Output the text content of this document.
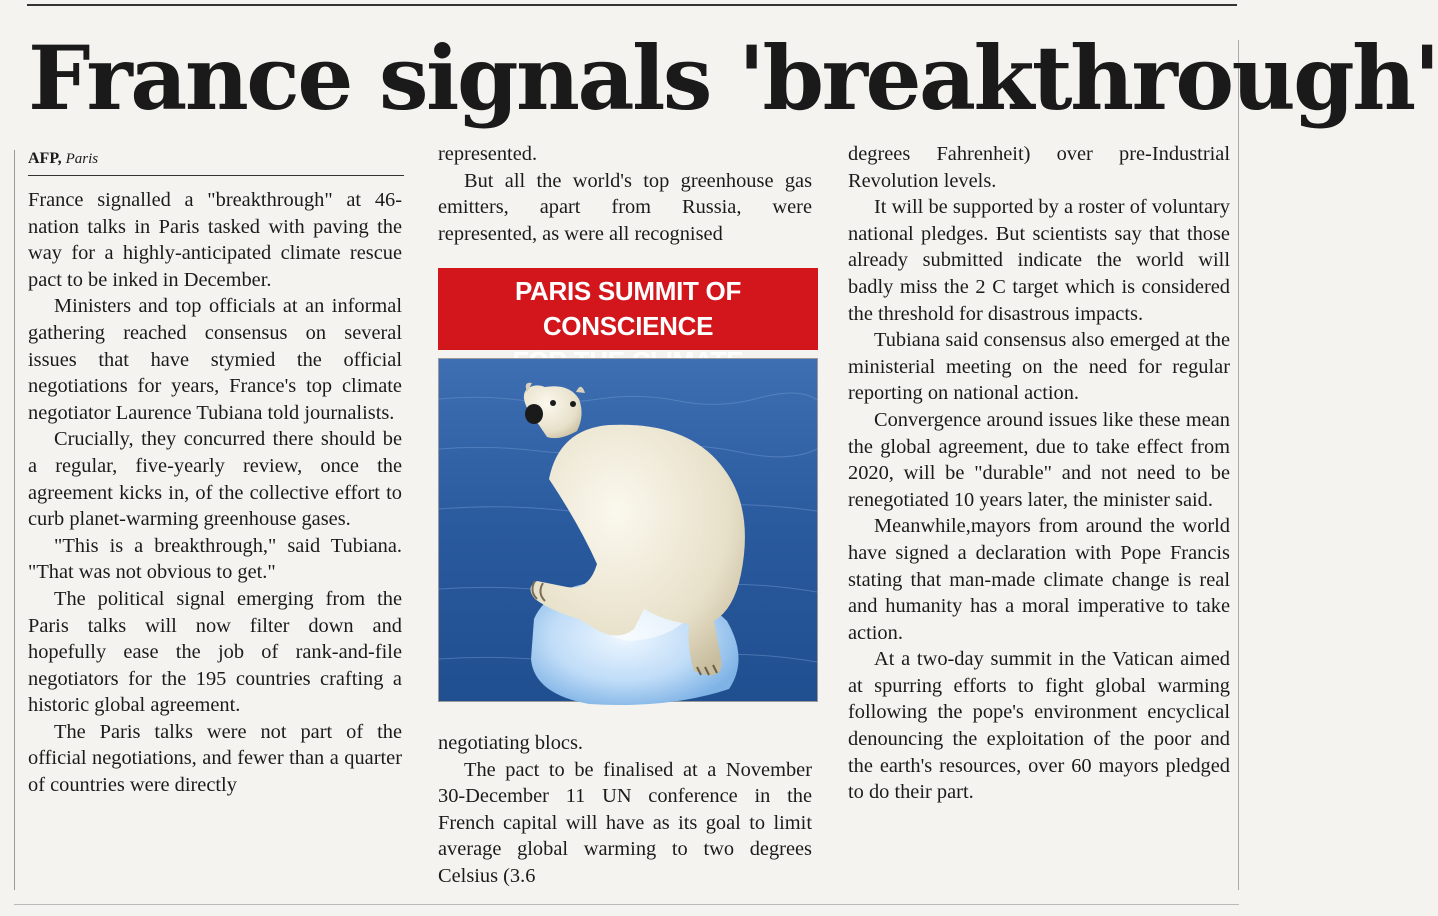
France signals 'breakthrough'
AFP, Paris

France signalled a "breakthrough" at 46-nation talks in Paris tasked with paving the way for a highly-anticipated climate rescue pact to be inked in December.

Ministers and top officials at an informal gathering reached consensus on several issues that have stymied the official negotiations for years, France's top climate negotiator Laurence Tubiana told journalists.

Crucially, they concurred there should be a regular, five-yearly review, once the agreement kicks in, of the collective effort to curb planet-warming greenhouse gases.

"This is a breakthrough," said Tubiana. "That was not obvious to get."

The political signal emerging from the Paris talks will now filter down and hopefully ease the job of rank-and-file negotiators for the 195 countries crafting a historic global agreement.

The Paris talks were not part of the official negotiations, and fewer than a quarter of countries were directly

represented.

But all the world's top greenhouse gas emitters, apart from Russia, were represented, as were all recognised

PARIS SUMMIT OF CONSCIENCE

negotiating blocs.

The pact to be finalised at a November 30-December 11 UN conference in the French capital will have as its goal to limit average global warming to two degrees Celsius (3.6

degrees Fahrenheit) over pre-Industrial Revolution levels.

It will be supported by a roster of voluntary national pledges. But scientists say that those already submitted indicate the world will badly miss the 2 C target which is considered the threshold for disastrous impacts.

Tubiana said consensus also emerged at the ministerial meeting on the need for regular reporting on national action.

Convergence around issues like these mean the global agreement, due to take effect from 2020, will be "durable" and not need to be renegotiated 10 years later, the minister said.

Meanwhile,mayors from around the world have signed a declaration with Pope Francis stating that man-made climate change is real and humanity has a moral imperative to take action.

At a two-day summit in the Vatican aimed at spurring efforts to fight global warming following the pope's environment encyclical denouncing the exploitation of the poor and the earth's resources, over 60 mayors pledged to do their part.
